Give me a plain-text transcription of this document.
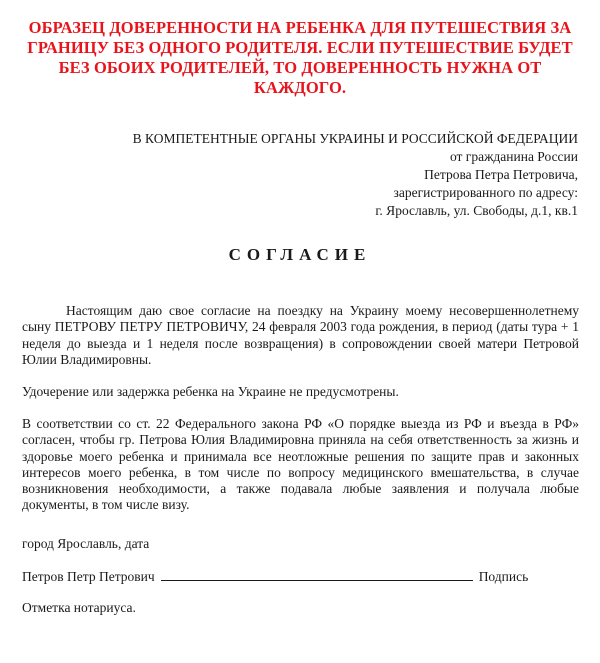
ОБРАЗЕЦ ДОВЕРЕННОСТИ НА РЕБЕНКА ДЛЯ ПУТЕШЕСТВИЯ ЗА ГРАНИЦУ БЕЗ ОДНОГО РОДИТЕЛЯ. ЕСЛИ ПУТЕШЕСТВИЕ БУДЕТ БЕЗ ОБОИХ РОДИТЕЛЕЙ, ТО ДОВЕРЕННОСТЬ НУЖНА ОТ КАЖДОГО.
В КОМПЕТЕНТНЫЕ ОРГАНЫ УКРАИНЫ И РОССИЙСКОЙ ФЕДЕРАЦИИ
от гражданина России
Петрова Петра Петровича,
зарегистрированного по адресу:
г. Ярославль, ул. Свободы, д.1, кв.1
СОГЛАСИЕ

Настоящим даю свое согласие на поездку на Украину моему несовершеннолетнему сыну ПЕТРОВУ ПЕТРУ ПЕТРОВИЧУ, 24 февраля 2003 года рождения, в период (даты тура + 1 неделя до выезда и 1 неделя после возвращения) в сопровождении своей матери Петровой Юлии Владимировны.

Удочерение или задержка ребенка на Украине не предусмотрены.

В соответствии со ст. 22 Федерального закона РФ «О порядке выезда из РФ и въезда в РФ» согласен, чтобы гр. Петрова Юлия Владимировна приняла на себя ответственность за жизнь и здоровье моего ребенка и принимала все неотложные решения по защите прав и законных интересов моего ребенка, в том числе по вопросу медицинского вмешательства, в случае возникновения необходимости, а также подавала любые заявления и получала любые документы, в том числе визу.

город Ярославль, дата

Петров Петр Петрович	Подпись

Отметка нотариуса.
